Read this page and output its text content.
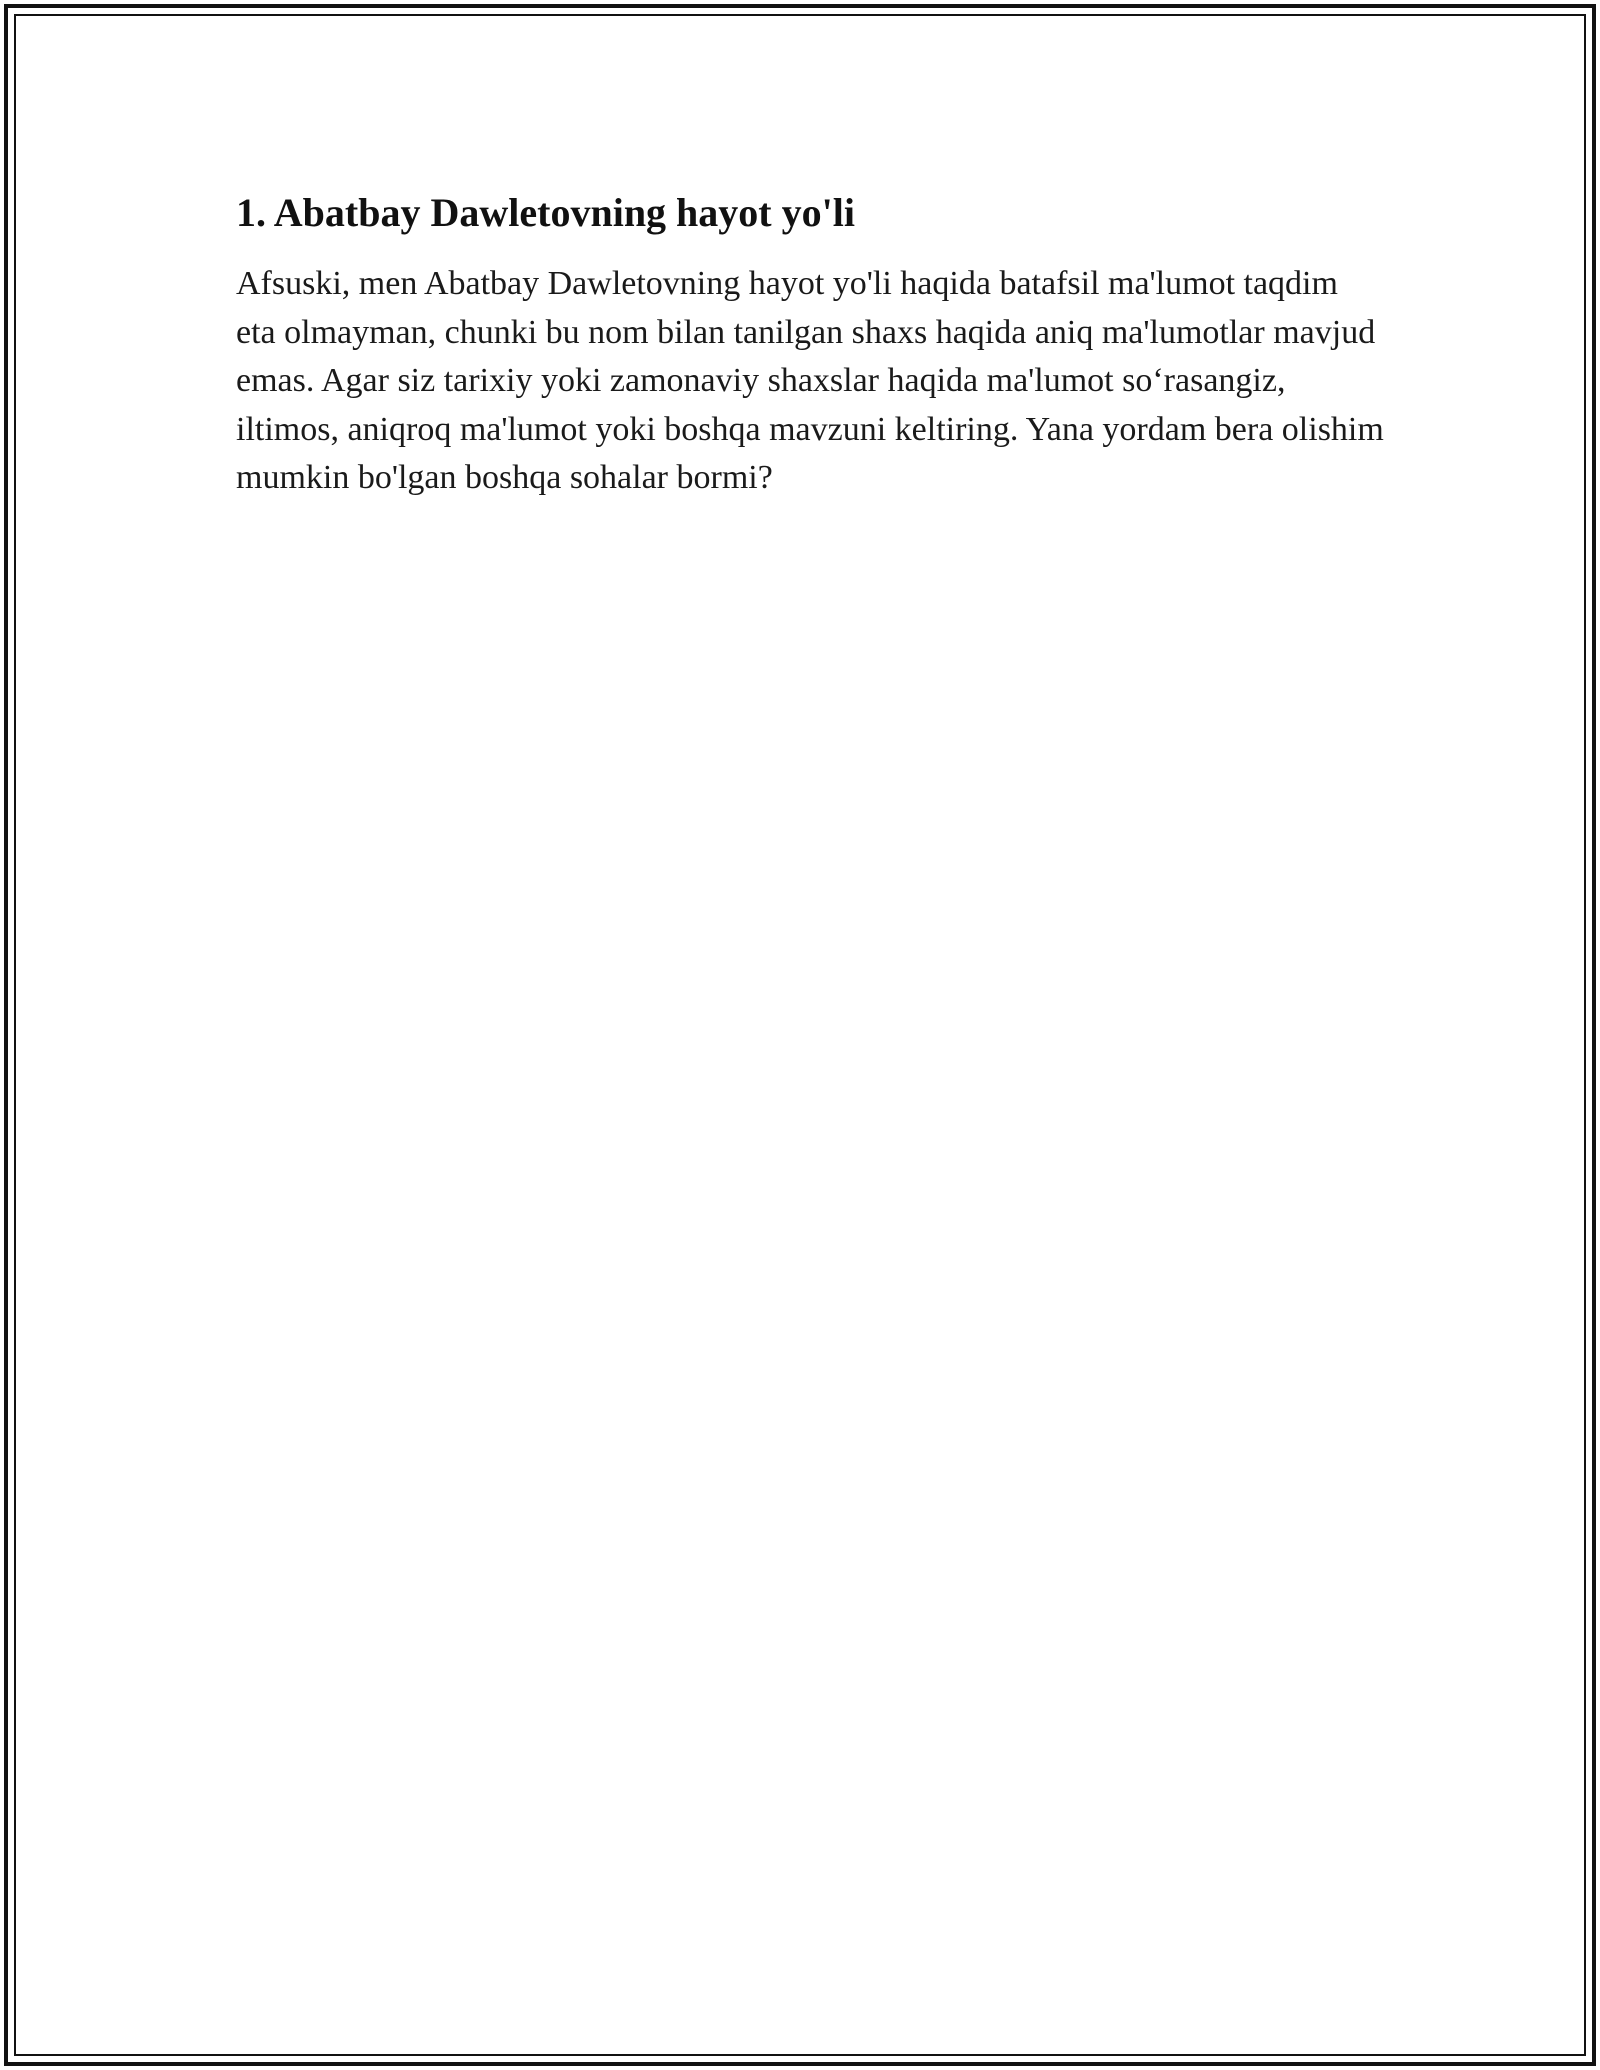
1. Abatbay Dawletovning hayot yo'li

Afsuski, men Abatbay Dawletovning hayot yo'li haqida batafsil ma'lumot taqdim eta olmayman, chunki bu nom bilan tanilgan shaxs haqida aniq ma'lumotlar mavjud emas. Agar siz tarixiy yoki zamonaviy shaxslar haqida ma'lumot so‘rasangiz, iltimos, aniqroq ma'lumot yoki boshqa mavzuni keltiring. Yana yordam bera olishim mumkin bo'lgan boshqa sohalar bormi?
